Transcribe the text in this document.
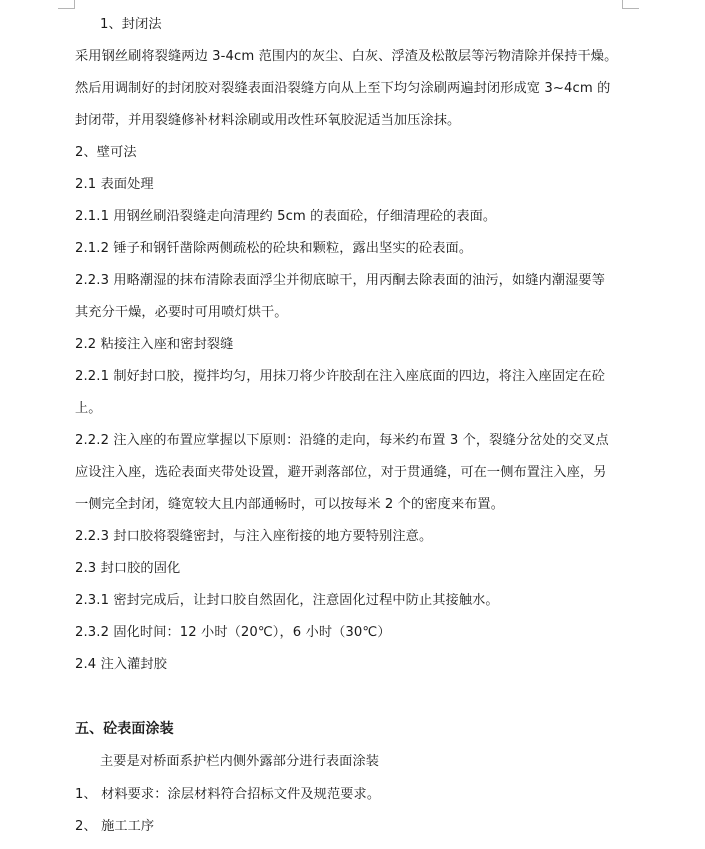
1、封闭法
采用钢丝刷将裂缝两边 3-4cm 范围内的灰尘、白灰、浮渣及松散层等污物清除并保持干燥。
然后用调制好的封闭胶对裂缝表面沿裂缝方向从上至下均匀涂刷两遍封闭形成宽 3~4cm 的
封闭带，并用裂缝修补材料涂刷或用改性环氧胶泥适当加压涂抹。
2、壁可法
2.1 表面处理
2.1.1 用钢丝刷沿裂缝走向清理约 5cm 的表面砼，仔细清理砼的表面。
2.1.2 锤子和钢钎凿除两侧疏松的砼块和颗粒，露出坚实的砼表面。
2.2.3 用略潮湿的抹布清除表面浮尘并彻底晾干，用丙酮去除表面的油污，如缝内潮湿要等
其充分干燥，必要时可用喷灯烘干。
2.2 粘接注入座和密封裂缝
2.2.1 制好封口胶，搅拌均匀，用抹刀将少许胶刮在注入座底面的四边，将注入座固定在砼
上。
2.2.2 注入座的布置应掌握以下原则：沿缝的走向，每米约布置 3 个，裂缝分岔处的交叉点
应设注入座，选砼表面夹带处设置，避开剥落部位，对于贯通缝，可在一侧布置注入座，另
一侧完全封闭，缝宽较大且内部通畅时，可以按每米 2 个的密度来布置。
2.2.3 封口胶将裂缝密封，与注入座衔接的地方要特别注意。
2.3 封口胶的固化
2.3.1 密封完成后，让封口胶自然固化，注意固化过程中防止其接触水。
2.3.2 固化时间：12 小时（20℃），6 小时（30℃）
2.4 注入灌封胶
五、砼表面涂装
主要是对桥面系护栏内侧外露部分进行表面涂装
1、 材料要求：涂层材料符合招标文件及规范要求。
2、 施工工序
